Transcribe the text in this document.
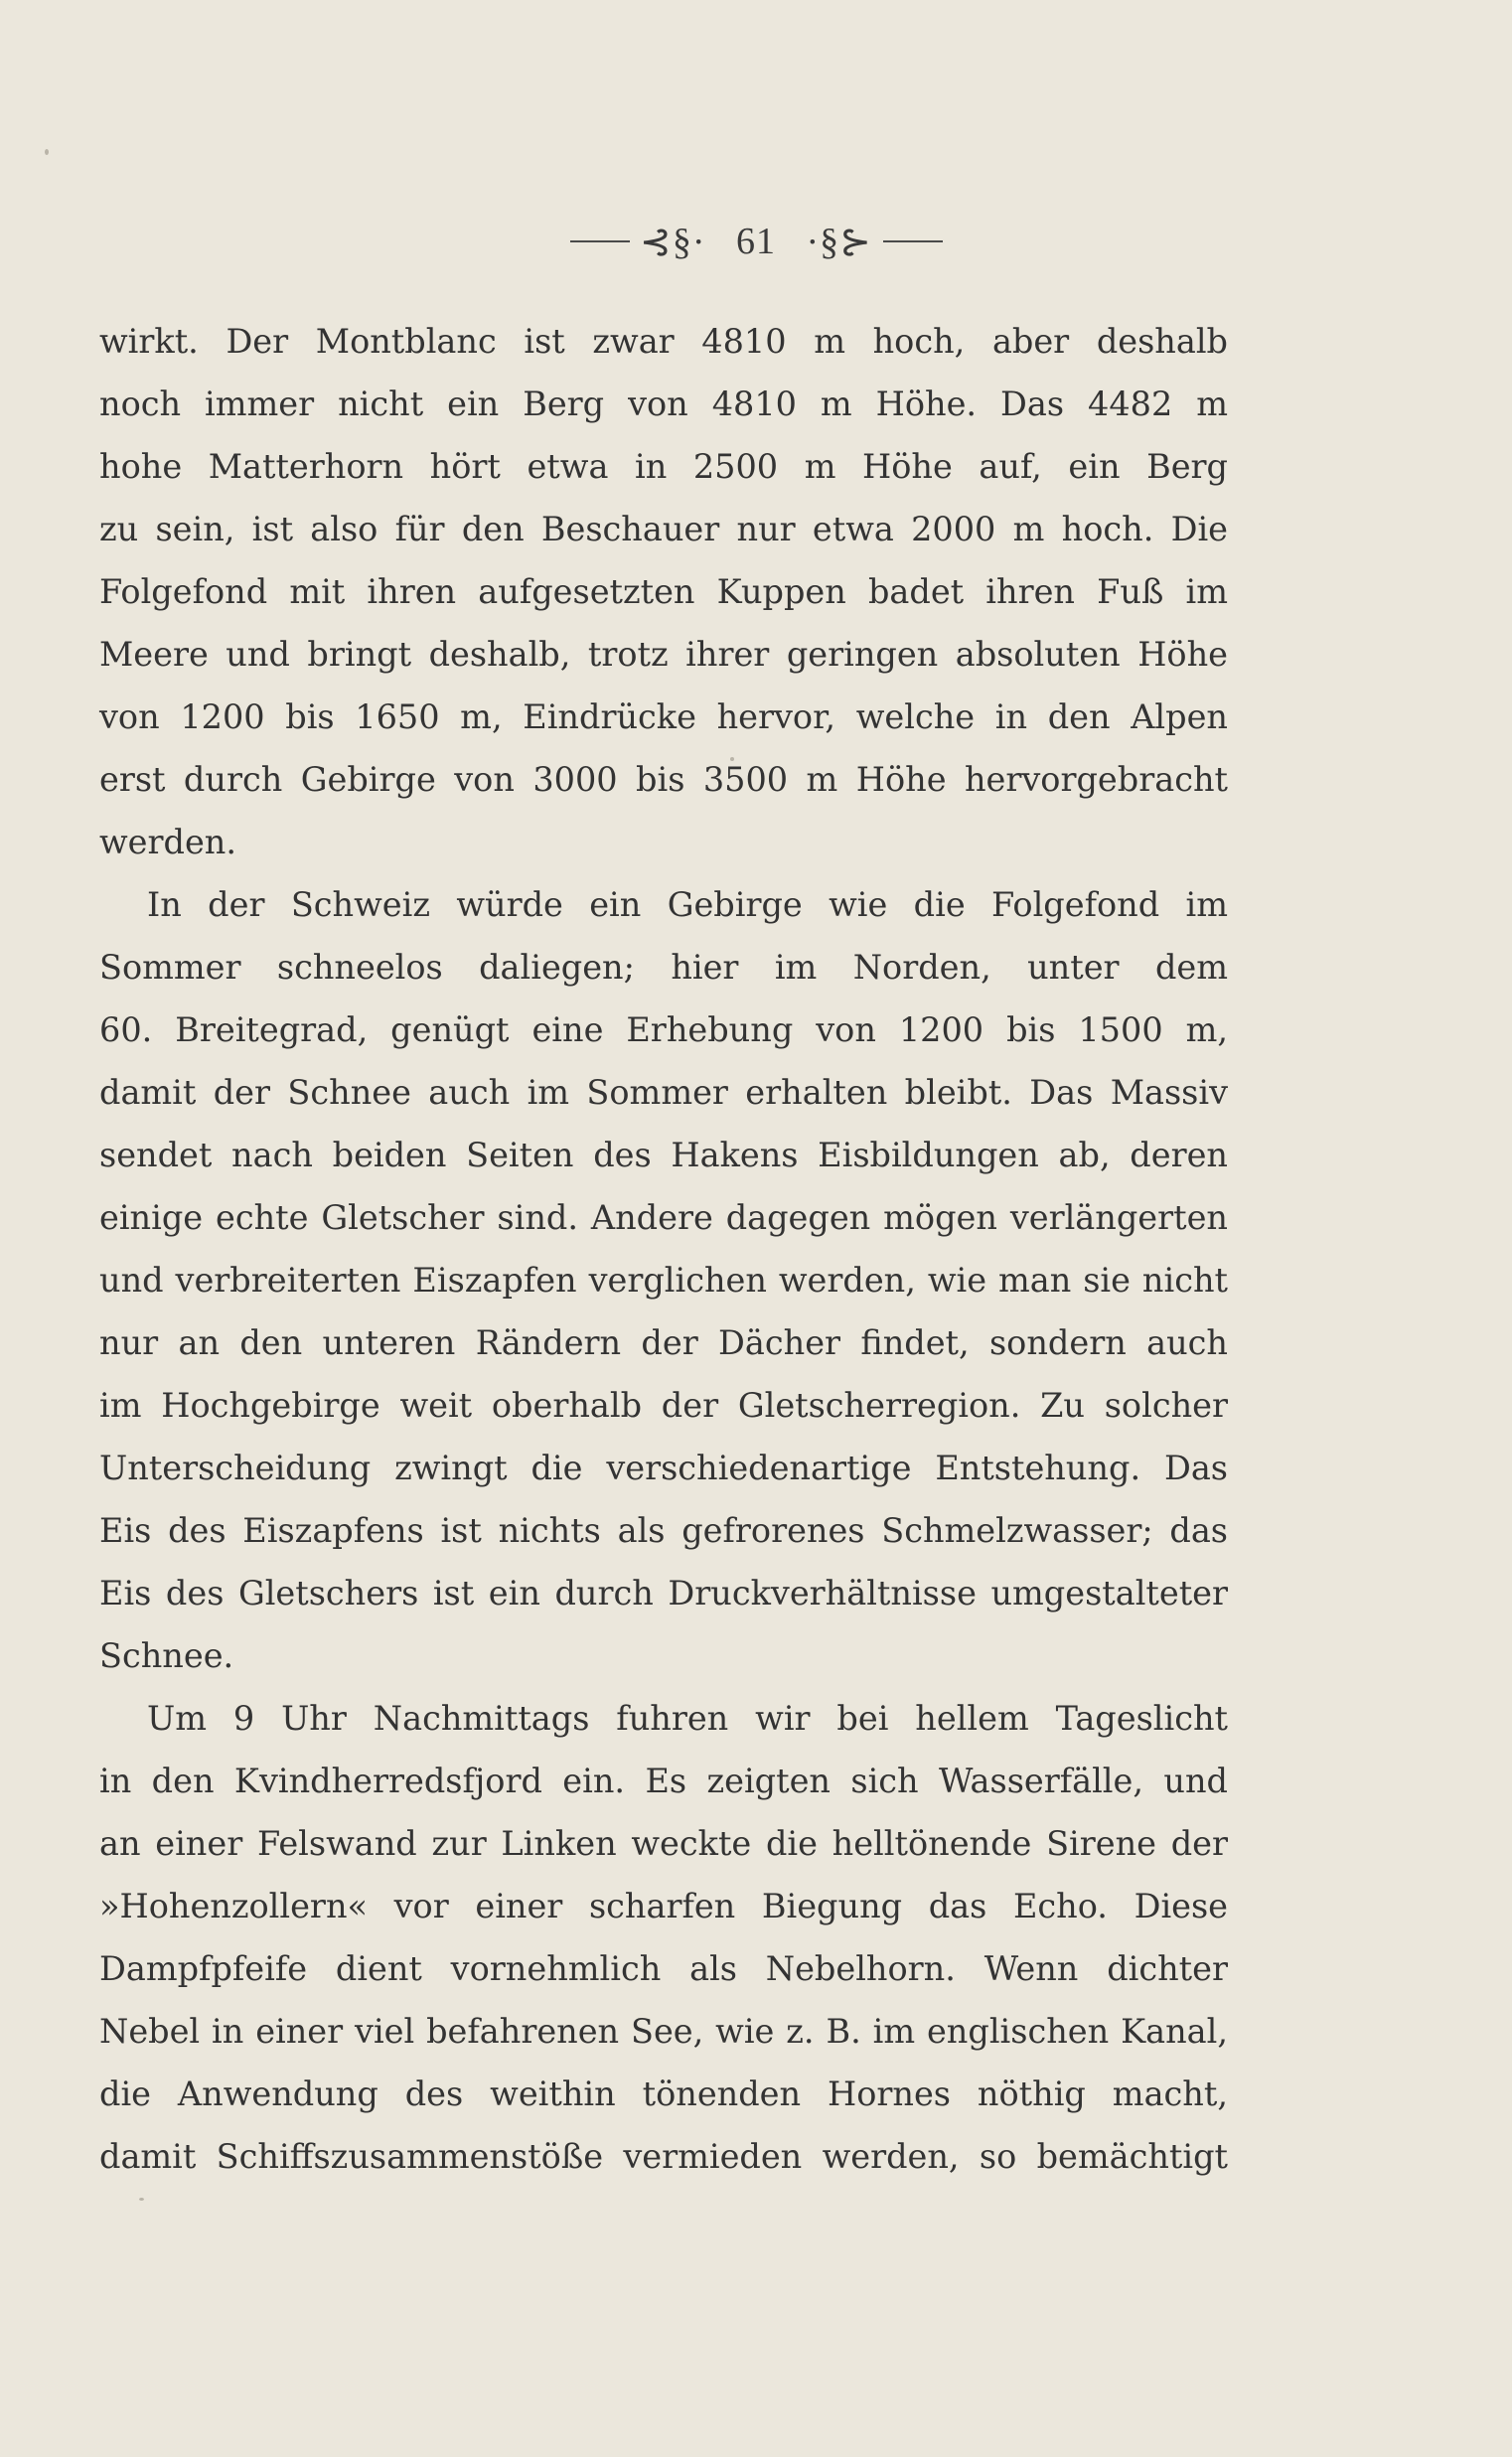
⊰§· 61 ·§⊱
wirkt. Der Montblanc ist zwar 4810 m hoch, aber deshalb
noch immer nicht ein Berg von 4810 m Höhe. Das 4482 m
hohe Matterhorn hört etwa in 2500 m Höhe auf, ein Berg
zu sein, ist also für den Beschauer nur etwa 2000 m hoch. Die
Folgefond mit ihren aufgesetzten Kuppen badet ihren Fuß im
Meere und bringt deshalb, trotz ihrer geringen absoluten Höhe
von 1200 bis 1650 m, Eindrücke hervor, welche in den Alpen
erst durch Gebirge von 3000 bis 3500 m Höhe hervorgebracht
werden.
In der Schweiz würde ein Gebirge wie die Folgefond im
Sommer schneelos daliegen; hier im Norden, unter dem
60. Breitegrad, genügt eine Erhebung von 1200 bis 1500 m,
damit der Schnee auch im Sommer erhalten bleibt. Das Massiv
sendet nach beiden Seiten des Hakens Eisbildungen ab, deren
einige echte Gletscher sind. Andere dagegen mögen verlängerten
und verbreiterten Eiszapfen verglichen werden, wie man sie nicht
nur an den unteren Rändern der Dächer findet, sondern auch
im Hochgebirge weit oberhalb der Gletscherregion. Zu solcher
Unterscheidung zwingt die verschiedenartige Entstehung. Das
Eis des Eiszapfens ist nichts als gefrorenes Schmelzwasser; das
Eis des Gletschers ist ein durch Druckverhältnisse umgestalteter
Schnee.
Um 9 Uhr Nachmittags fuhren wir bei hellem Tageslicht
in den Kvindherredsfjord ein. Es zeigten sich Wasserfälle, und
an einer Felswand zur Linken weckte die helltönende Sirene der
»Hohenzollern« vor einer scharfen Biegung das Echo. Diese
Dampfpfeife dient vornehmlich als Nebelhorn. Wenn dichter
Nebel in einer viel befahrenen See, wie z. B. im englischen Kanal,
die Anwendung des weithin tönenden Hornes nöthig macht,
damit Schiffszusammenstöße vermieden werden, so bemächtigt
